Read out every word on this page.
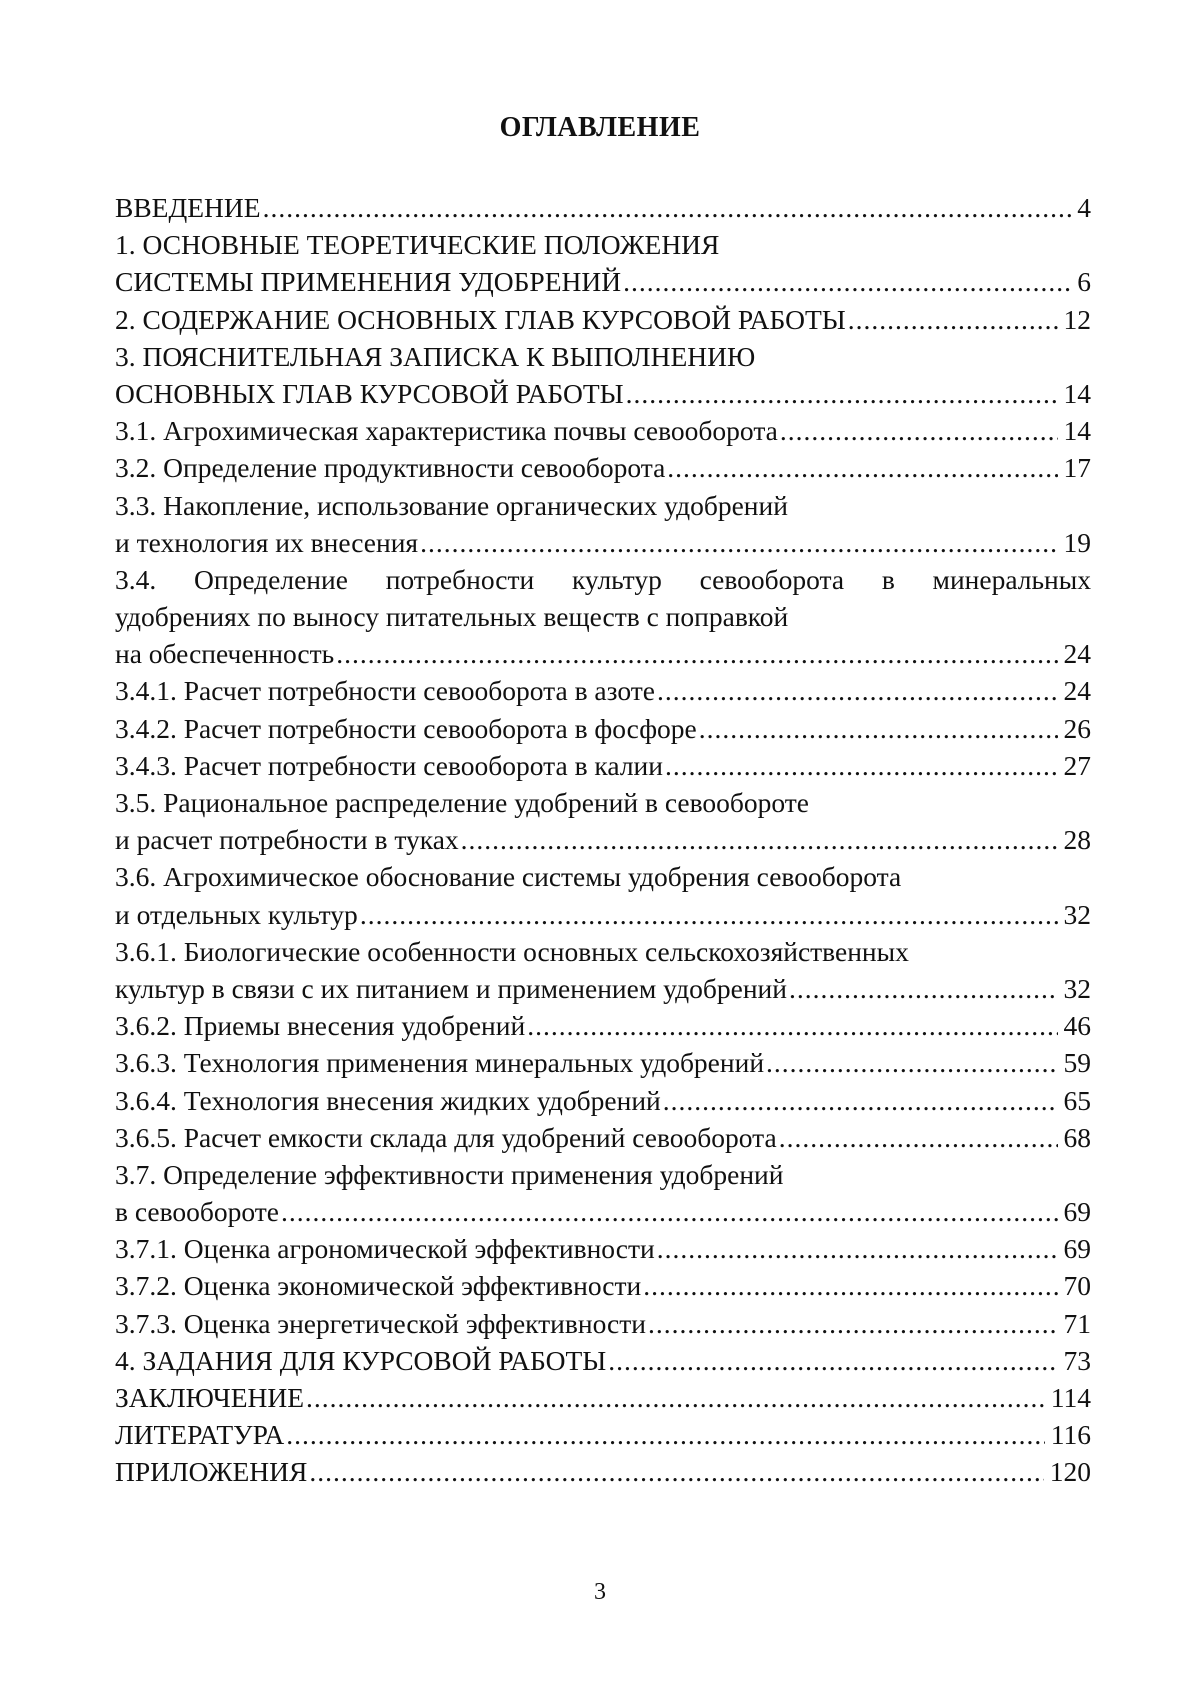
ОГЛАВЛЕНИЕ
ВВЕДЕНИЕ .....	4
1. ОСНОВНЫЕ ТЕОРЕТИЧЕСКИЕ ПОЛОЖЕНИЯ
СИСТЕМЫ ПРИМЕНЕНИЯ УДОБРЕНИЙ .....	6
2. СОДЕРЖАНИЕ ОСНОВНЫХ ГЛАВ КУРСОВОЙ РАБОТЫ .....	12
3. ПОЯСНИТЕЛЬНАЯ ЗАПИСКА К ВЫПОЛНЕНИЮ
ОСНОВНЫХ ГЛАВ КУРСОВОЙ РАБОТЫ .....	14
3.1. Агрохимическая характеристика почвы севооборота .....	14
3.2. Определение продуктивности севооборота .....	17
3.3. Накопление, использование органических удобрений
и технология их внесения .....	19
3.4. Определение потребности культур севооборота в минеральных
удобрениях по выносу питательных веществ с поправкой
на обеспеченность .....	24
3.4.1. Расчет потребности севооборота в азоте .....	24
3.4.2. Расчет потребности севооборота в фосфоре .....	26
3.4.3. Расчет потребности севооборота в калии .....	27
3.5. Рациональное распределение удобрений в севообороте
и расчет потребности в туках .....	28
3.6. Агрохимическое обоснование системы удобрения севооборота
и отдельных культур .....	32
3.6.1. Биологические особенности основных сельскохозяйственных
культур в связи с их питанием и применением удобрений .....	32
3.6.2. Приемы внесения удобрений .....	46
3.6.3. Технология применения минеральных удобрений .....	59
3.6.4. Технология внесения жидких удобрений .....	65
3.6.5. Расчет емкости склада для удобрений севооборота .....	68
3.7. Определение эффективности применения удобрений
в севообороте .....	69
3.7.1. Оценка агрономической эффективности .....	69
3.7.2. Оценка экономической эффективности .....	70
3.7.3. Оценка энергетической эффективности .....	71
4. ЗАДАНИЯ ДЛЯ КУРСОВОЙ РАБОТЫ .....	73
ЗАКЛЮЧЕНИЕ .....	114
ЛИТЕРАТУРА .....	116
ПРИЛОЖЕНИЯ .....	120
3
